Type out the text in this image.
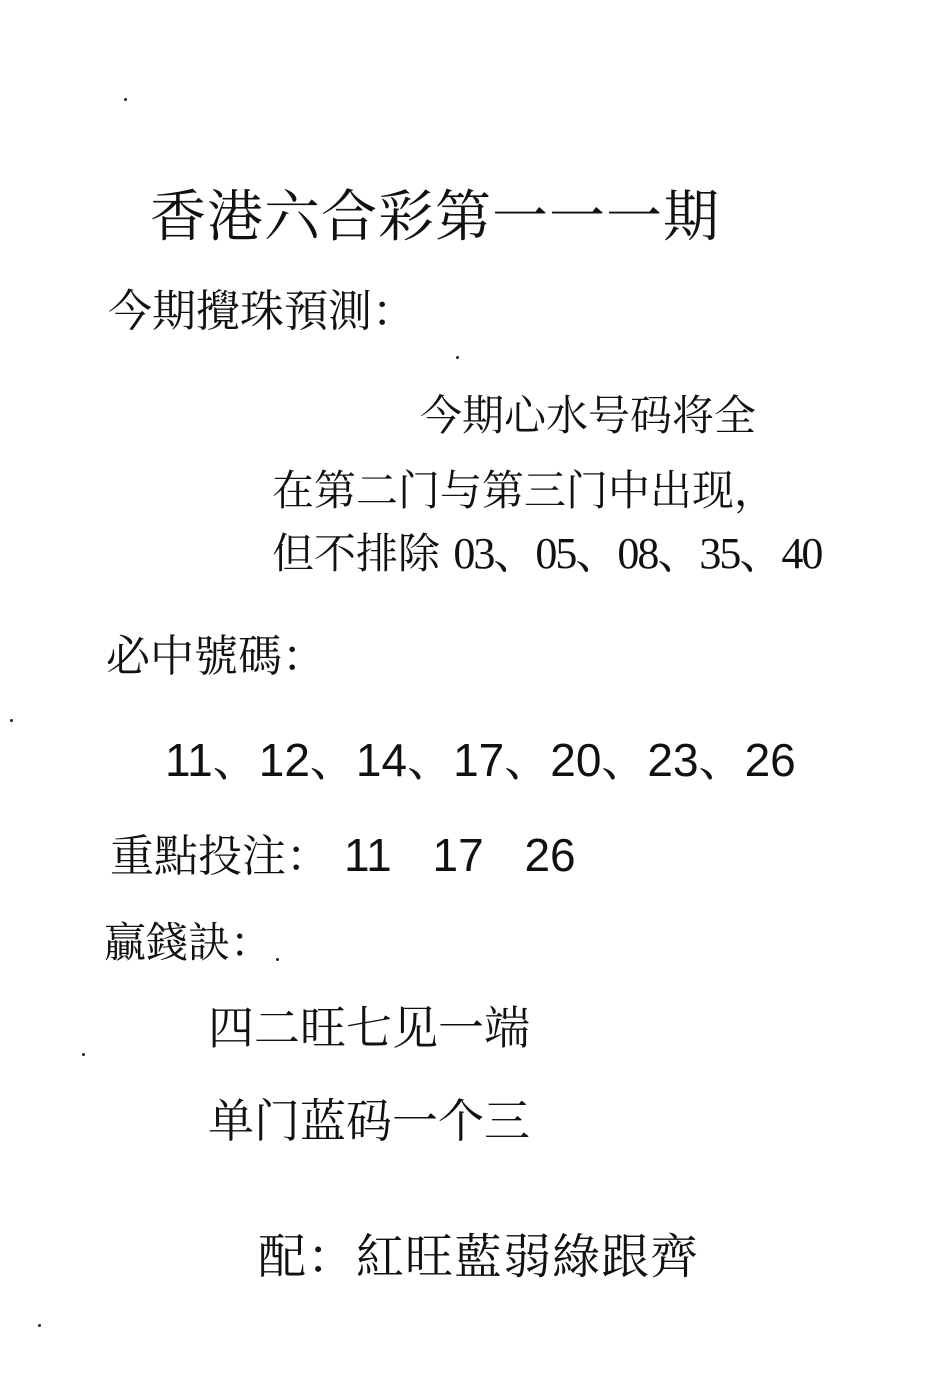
香港六合彩第一一一期
今期攪珠預測：
今期心水号码将全
在第二门与第三门中出现，
但不排除 03、05、08、35、40
必中號碼：
11、12、14、17、20、23、26
重點投注： 11 17 26
贏錢訣：
四二旺七见一端
单门蓝码一个三
配：紅旺藍弱綠跟齊
